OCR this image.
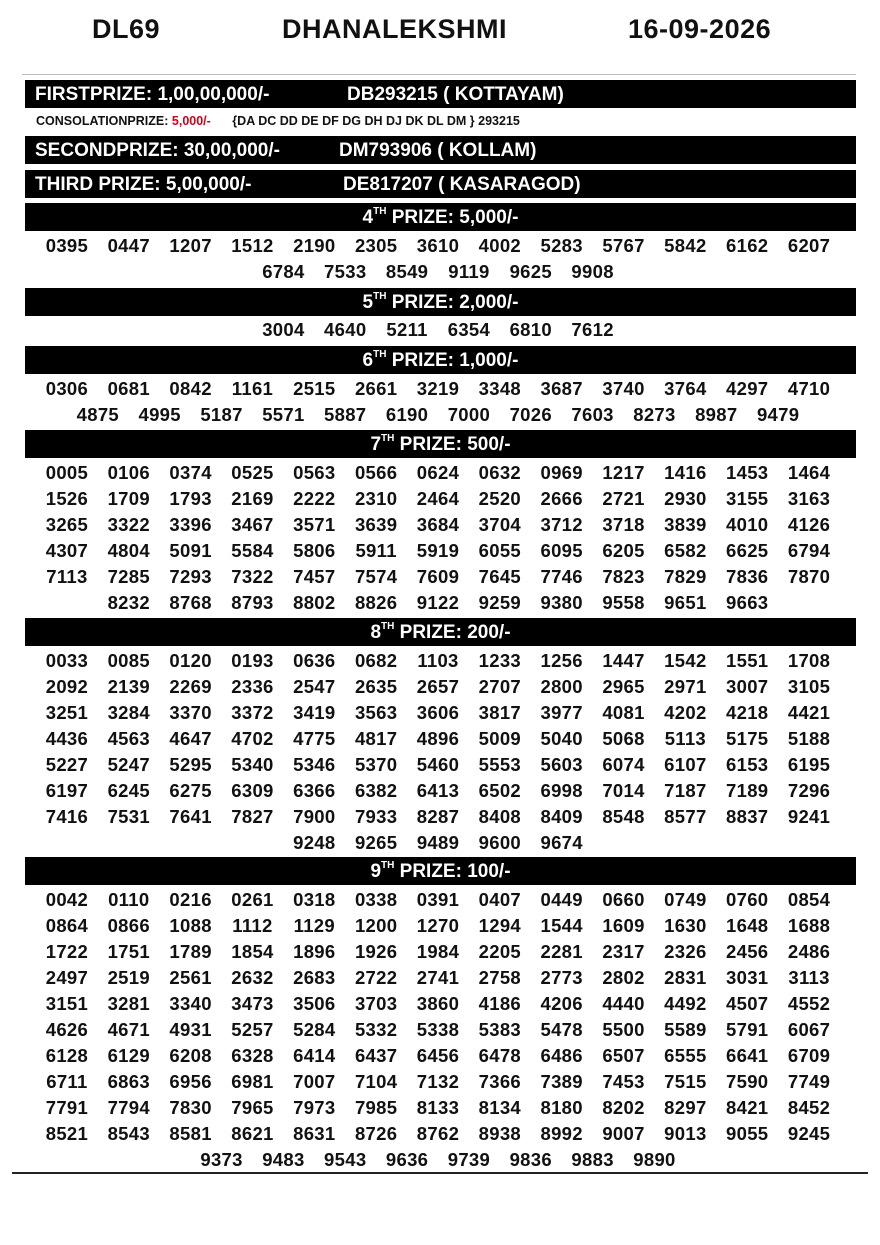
DL69	DHANALEKSHMI	16-09-2026
FIRSTPRIZE: 1,00,00,000/-	DB293215 ( KOTTAYAM)
CONSOLATIONPRIZE: 5,000/- {DA DC DD DE DF DG DH DJ DK DL DM } 293215
SECONDPRIZE: 30,00,000/-	DM793906 ( KOLLAM)
THIRD PRIZE: 5,00,000/-	DE817207 ( KASARAGOD)
4TH PRIZE: 5,000/-
0395	0447	1207	1512	2190	2305	3610	4002	5283	5767	5842	6162	6207
6784	7533	8549	9119	9625	9908
5TH PRIZE: 2,000/-
3004	4640	5211	6354	6810	7612
6TH PRIZE: 1,000/-
0306	0681	0842	1161	2515	2661	3219	3348	3687	3740	3764	4297	4710
4875	4995	5187	5571	5887	6190	7000	7026	7603	8273	8987	9479
7TH PRIZE: 500/-
0005	0106	0374	0525	0563	0566	0624	0632	0969	1217	1416	1453	1464
1526	1709	1793	2169	2222	2310	2464	2520	2666	2721	2930	3155	3163
3265	3322	3396	3467	3571	3639	3684	3704	3712	3718	3839	4010	4126
4307	4804	5091	5584	5806	5911	5919	6055	6095	6205	6582	6625	6794
7113	7285	7293	7322	7457	7574	7609	7645	7746	7823	7829	7836	7870
8232	8768	8793	8802	8826	9122	9259	9380	9558	9651	9663
8TH PRIZE: 200/-
0033	0085	0120	0193	0636	0682	1103	1233	1256	1447	1542	1551	1708
2092	2139	2269	2336	2547	2635	2657	2707	2800	2965	2971	3007	3105
3251	3284	3370	3372	3419	3563	3606	3817	3977	4081	4202	4218	4421
4436	4563	4647	4702	4775	4817	4896	5009	5040	5068	5113	5175	5188
5227	5247	5295	5340	5346	5370	5460	5553	5603	6074	6107	6153	6195
6197	6245	6275	6309	6366	6382	6413	6502	6998	7014	7187	7189	7296
7416	7531	7641	7827	7900	7933	8287	8408	8409	8548	8577	8837	9241
9248	9265	9489	9600	9674
9TH PRIZE: 100/-
0042	0110	0216	0261	0318	0338	0391	0407	0449	0660	0749	0760	0854
0864	0866	1088	1112	1129	1200	1270	1294	1544	1609	1630	1648	1688
1722	1751	1789	1854	1896	1926	1984	2205	2281	2317	2326	2456	2486
2497	2519	2561	2632	2683	2722	2741	2758	2773	2802	2831	3031	3113
3151	3281	3340	3473	3506	3703	3860	4186	4206	4440	4492	4507	4552
4626	4671	4931	5257	5284	5332	5338	5383	5478	5500	5589	5791	6067
6128	6129	6208	6328	6414	6437	6456	6478	6486	6507	6555	6641	6709
6711	6863	6956	6981	7007	7104	7132	7366	7389	7453	7515	7590	7749
7791	7794	7830	7965	7973	7985	8133	8134	8180	8202	8297	8421	8452
8521	8543	8581	8621	8631	8726	8762	8938	8992	9007	9013	9055	9245
9373	9483	9543	9636	9739	9836	9883	9890
